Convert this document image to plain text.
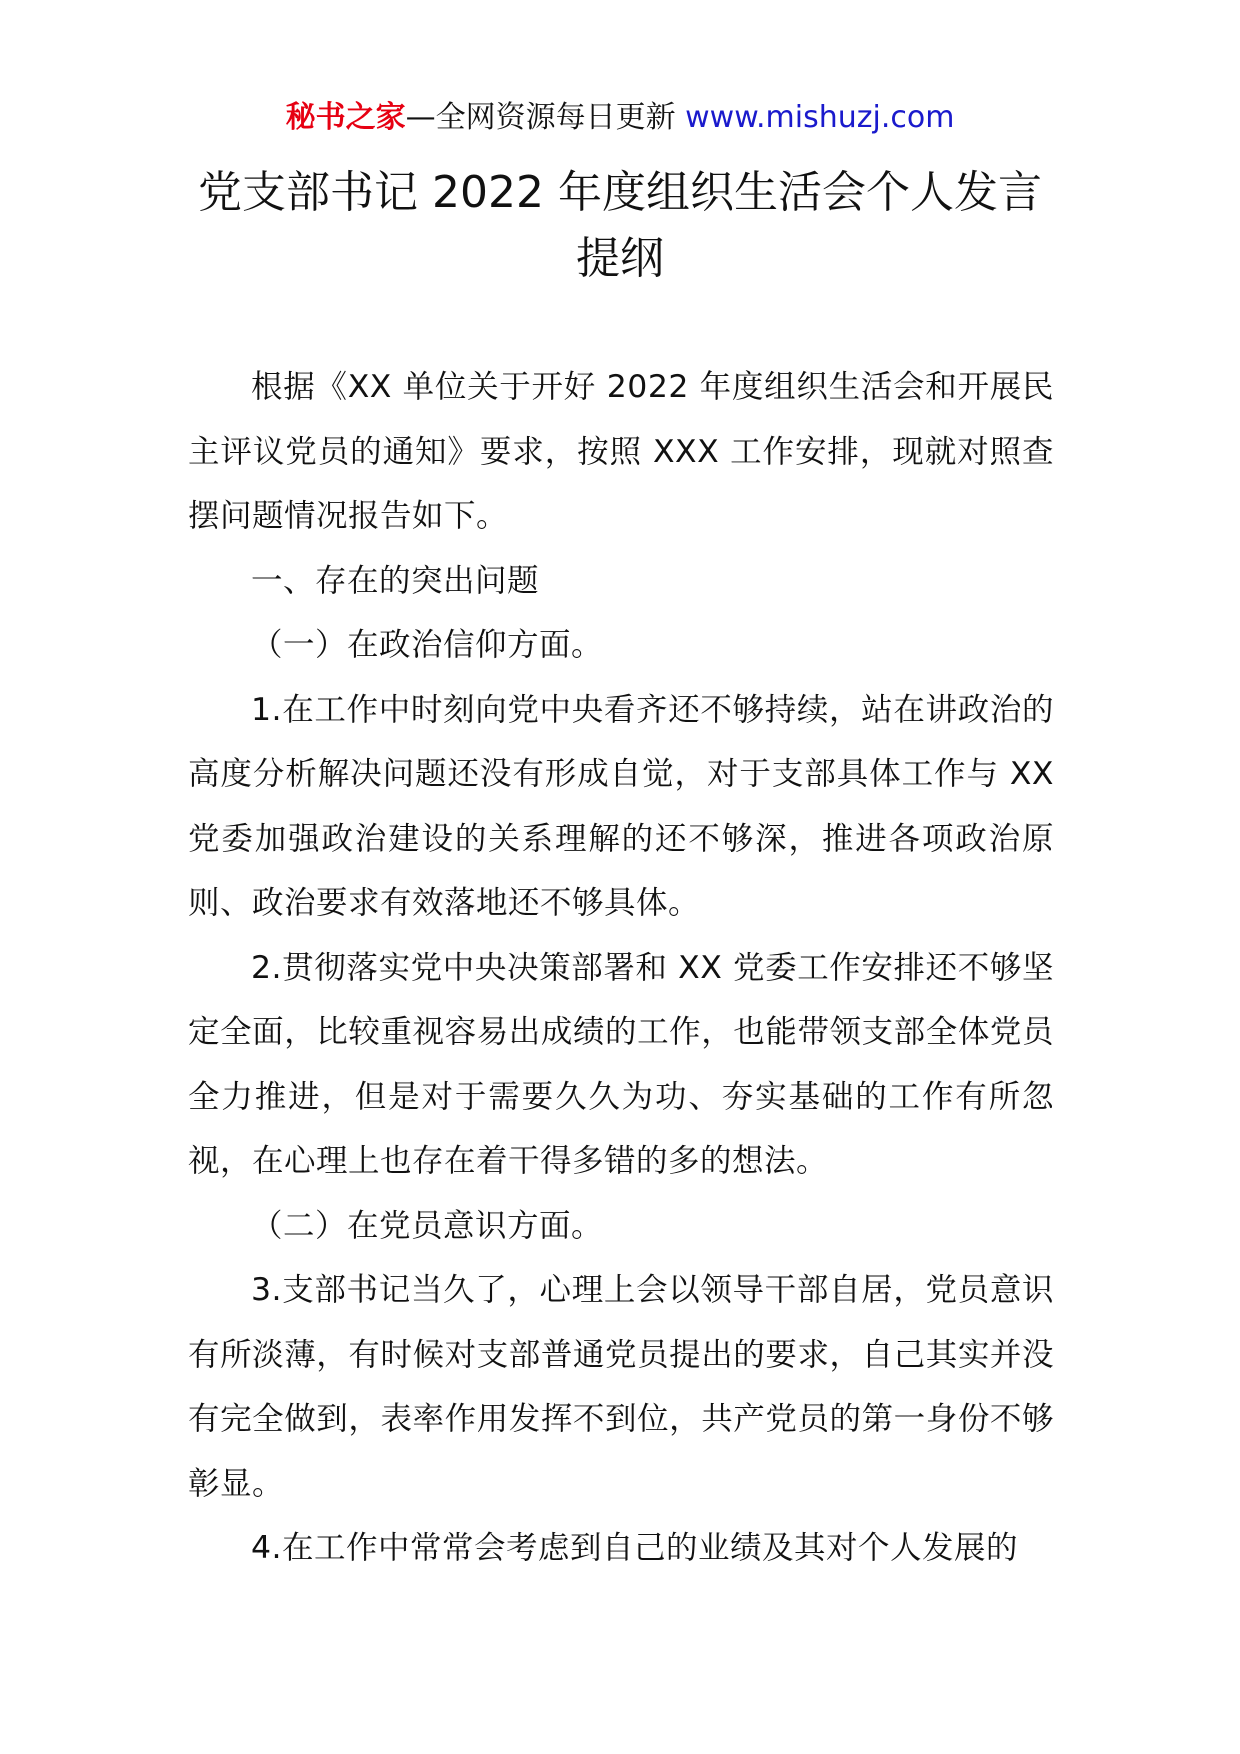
秘书之家—全网资源每日更新 www.mishuzj.com
党支部书记 2022 年度组织生活会个人发言
提纲

根据《XX 单位关于开好 2022 年度组织生活会和开展民主评议党员的通知》要求，按照 XXX 工作安排，现就对照查摆问题情况报告如下。

一、存在的突出问题

（一）在政治信仰方面。

1.在工作中时刻向党中央看齐还不够持续，站在讲政治的高度分析解决问题还没有形成自觉，对于支部具体工作与 XX 党委加强政治建设的关系理解的还不够深，推进各项政治原则、政治要求有效落地还不够具体。

2.贯彻落实党中央决策部署和 XX 党委工作安排还不够坚定全面，比较重视容易出成绩的工作，也能带领支部全体党员全力推进，但是对于需要久久为功、夯实基础的工作有所忽视，在心理上也存在着干得多错的多的想法。

（二）在党员意识方面。

3.支部书记当久了，心理上会以领导干部自居，党员意识有所淡薄，有时候对支部普通党员提出的要求，自己其实并没有完全做到，表率作用发挥不到位，共产党员的第一身份不够彰显。

4.在工作中常常会考虑到自己的业绩及其对个人发展的
